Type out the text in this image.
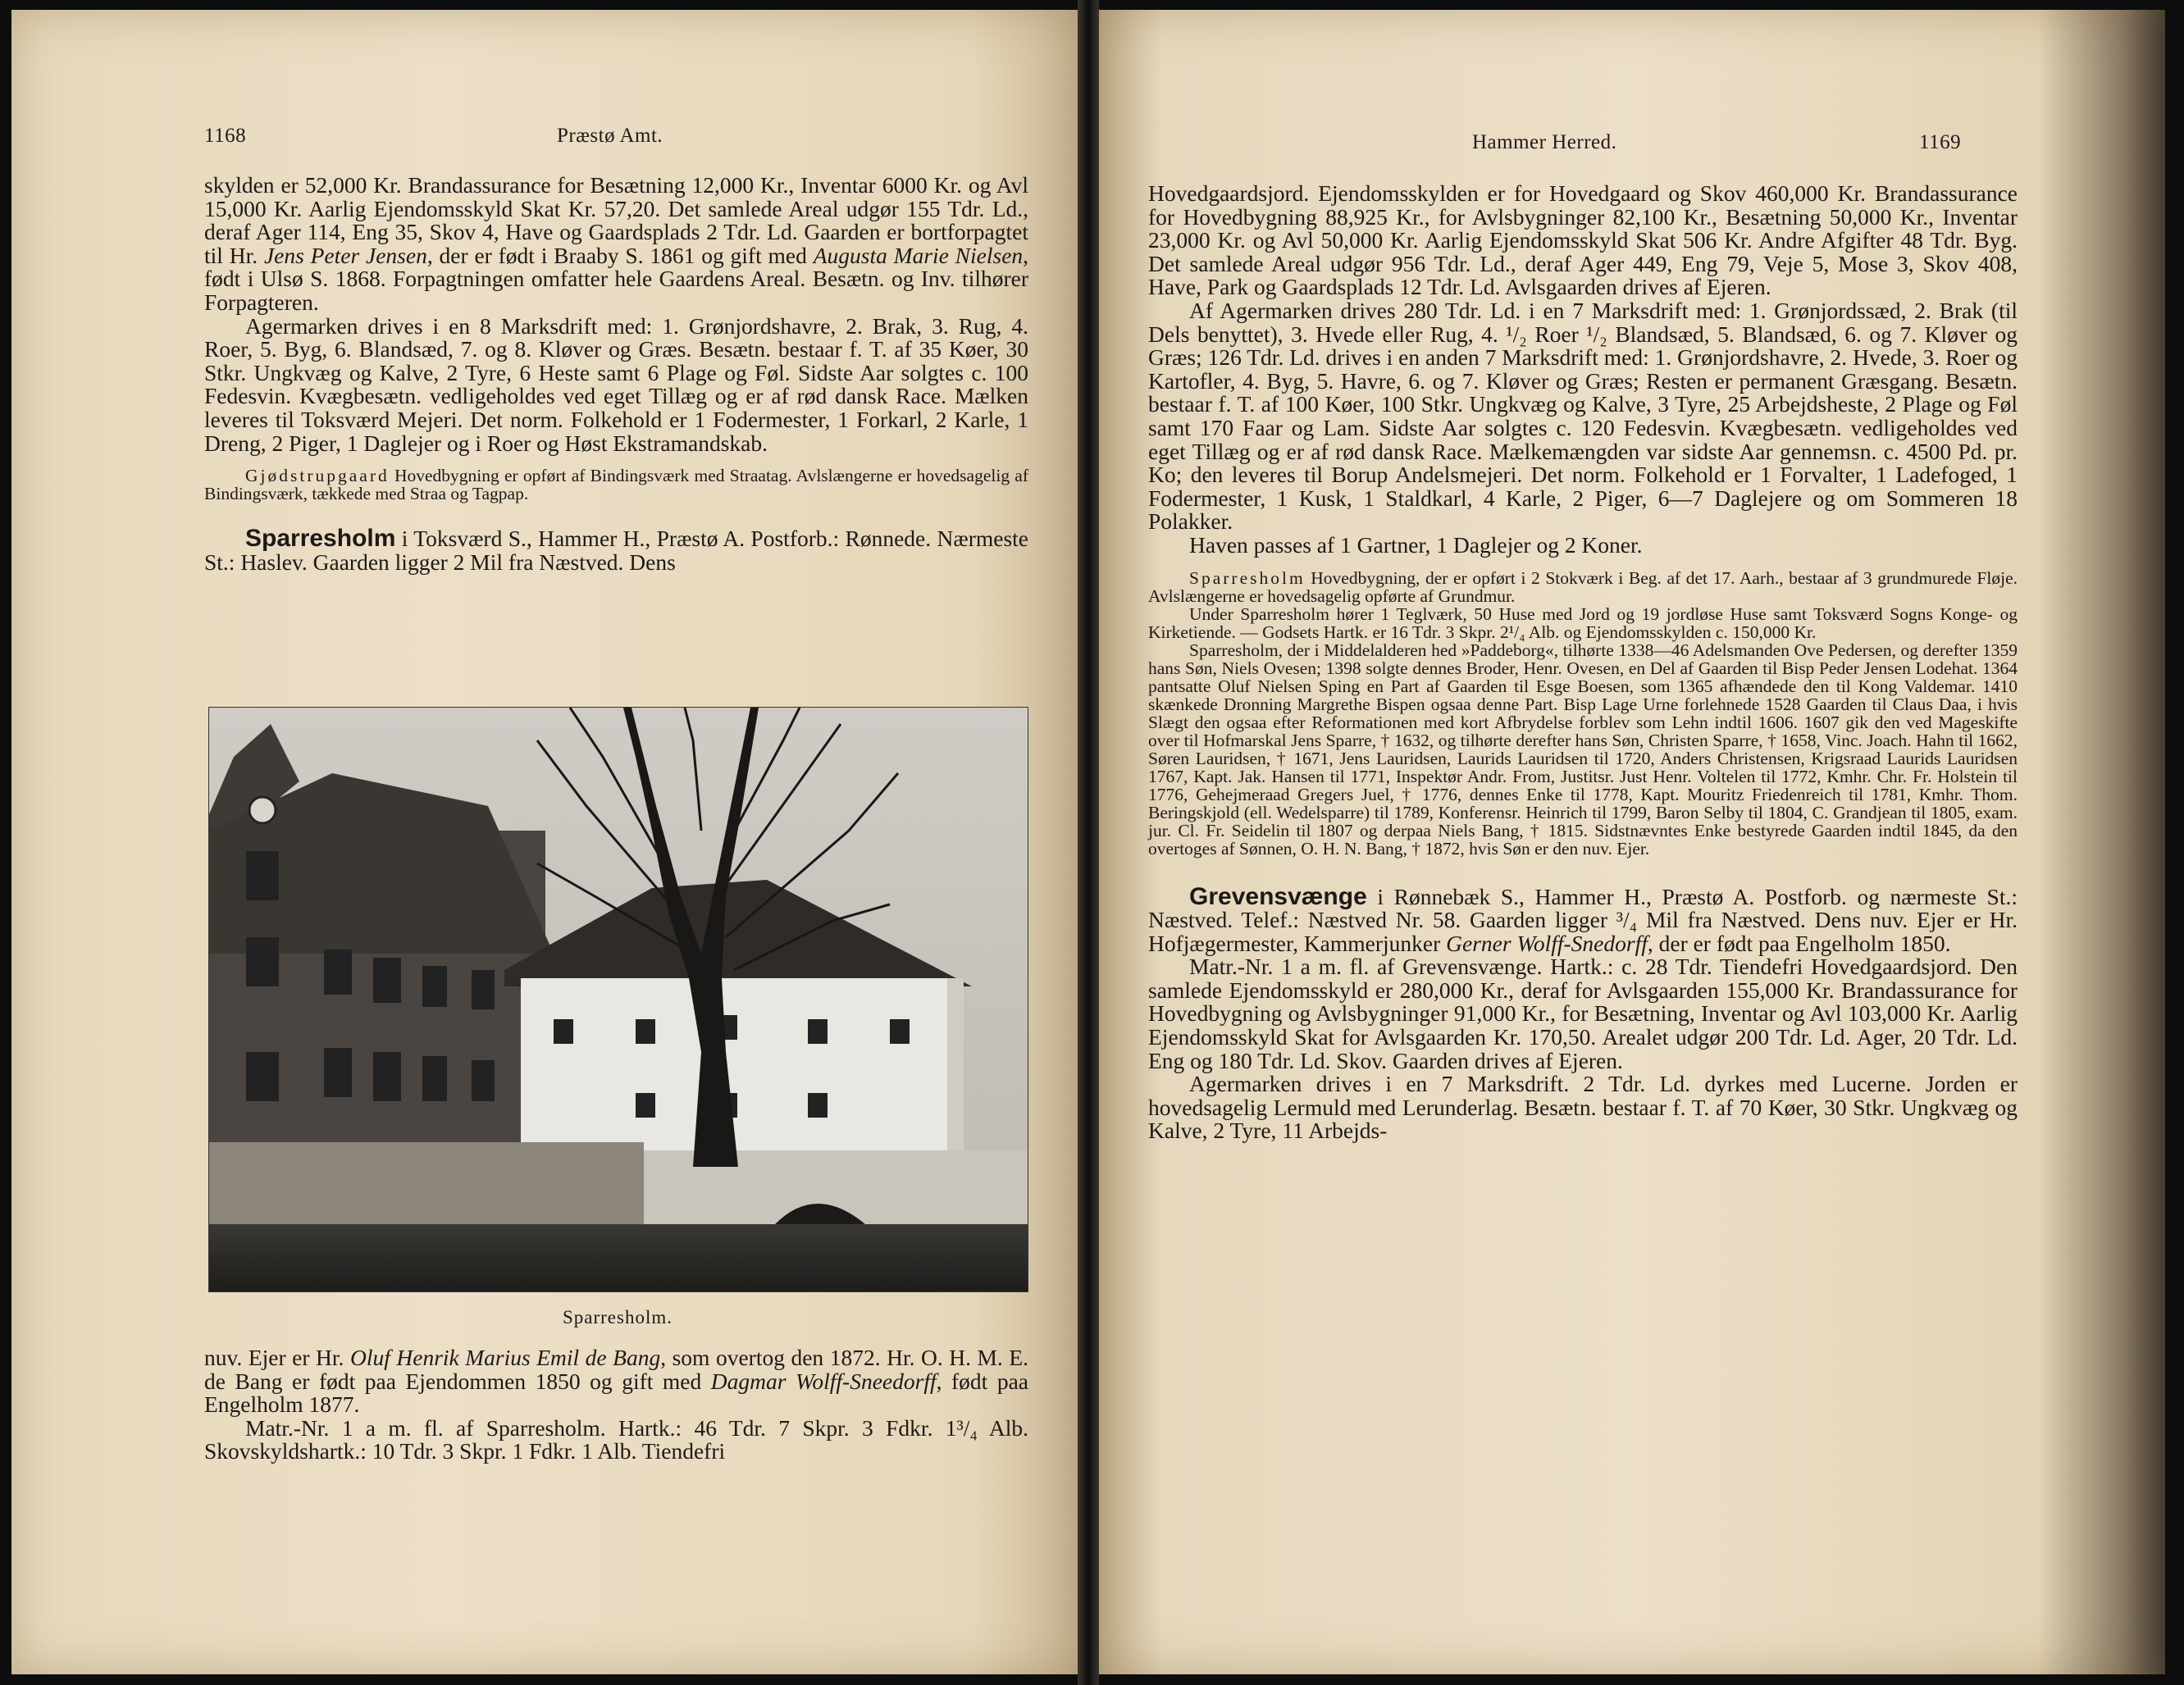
1168	Præstø Amt.

skylden er 52,000 Kr. Brandassurance for Besætning 12,000 Kr., Inventar 6000 Kr. og Avl 15,000 Kr. Aarlig Ejendomsskyld Skat Kr. 57,20. Det samlede Areal udgør 155 Tdr. Ld., deraf Ager 114, Eng 35, Skov 4, Have og Gaardsplads 2 Tdr. Ld. Gaarden er bortforpagtet til Hr. Jens Peter Jensen, der er født i Braaby S. 1861 og gift med Augusta Marie Nielsen, født i Ulsø S. 1868. Forpagtningen omfatter hele Gaardens Areal. Besætn. og Inv. tilhører Forpagteren.

Agermarken drives i en 8 Marksdrift med: 1. Grønjordshavre, 2. Brak, 3. Rug, 4. Roer, 5. Byg, 6. Blandsæd, 7. og 8. Kløver og Græs. Besætn. bestaar f. T. af 35 Køer, 30 Stkr. Ungkvæg og Kalve, 2 Tyre, 6 Heste samt 6 Plage og Føl. Sidste Aar solgtes c. 100 Fedesvin. Kvægbesætn. vedligeholdes ved eget Tillæg og er af rød dansk Race. Mælken leveres til Toksværd Mejeri. Det norm. Folkehold er 1 Fodermester, 1 Forkarl, 2 Karle, 1 Dreng, 2 Piger, 1 Daglejer og i Roer og Høst Ekstramandskab.

Gjødstrupgaard Hovedbygning er opført af Bindingsværk med Straatag. Avlslængerne er hovedsagelig af Bindingsværk, tækkede med Straa og Tagpap.

Sparresholm i Toksværd S., Hammer H., Præstø A. Postforb.: Rønnede. Nærmeste St.: Haslev. Gaarden ligger 2 Mil fra Næstved. Dens

Sparresholm.

nuv. Ejer er Hr. Oluf Henrik Marius Emil de Bang, som overtog den 1872. Hr. O. H. M. E. de Bang er født paa Ejendommen 1850 og gift med Dagmar Wolff-Sneedorff, født paa Engelholm 1877.

Matr.-Nr. 1 a m. fl. af Sparresholm. Hartk.: 46 Tdr. 7 Skpr. 3 Fdkr. 1³/₄ Alb. Skovskyldshartk.: 10 Tdr. 3 Skpr. 1 Fdkr. 1 Alb. Tiendefri

Hammer Herred.	1169

Hovedgaardsjord. Ejendomsskylden er for Hovedgaard og Skov 460,000 Kr. Brandassurance for Hovedbygning 88,925 Kr., for Avlsbygninger 82,100 Kr., Besætning 50,000 Kr., Inventar 23,000 Kr. og Avl 50,000 Kr. Aarlig Ejendomsskyld Skat 506 Kr. Andre Afgifter 48 Tdr. Byg. Det samlede Areal udgør 956 Tdr. Ld., deraf Ager 449, Eng 79, Veje 5, Mose 3, Skov 408, Have, Park og Gaardsplads 12 Tdr. Ld. Avlsgaarden drives af Ejeren.

Af Agermarken drives 280 Tdr. Ld. i en 7 Marksdrift med: 1. Grønjordssæd, 2. Brak (til Dels benyttet), 3. Hvede eller Rug, 4. ¹/₂ Roer ¹/₂ Blandsæd, 5. Blandsæd, 6. og 7. Kløver og Græs; 126 Tdr. Ld. drives i en anden 7 Marksdrift med: 1. Grønjordshavre, 2. Hvede, 3. Roer og Kartofler, 4. Byg, 5. Havre, 6. og 7. Kløver og Græs; Resten er permanent Græsgang. Besætn. bestaar f. T. af 100 Køer, 100 Stkr. Ungkvæg og Kalve, 3 Tyre, 25 Arbejdsheste, 2 Plage og Føl samt 170 Faar og Lam. Sidste Aar solgtes c. 120 Fedesvin. Kvægbesætn. vedligeholdes ved eget Tillæg og er af rød dansk Race. Mælkemængden var sidste Aar gennemsn. c. 4500 Pd. pr. Ko; den leveres til Borup Andelsmejeri. Det norm. Folkehold er 1 Forvalter, 1 Ladefoged, 1 Fodermester, 1 Kusk, 1 Staldkarl, 4 Karle, 2 Piger, 6—7 Daglejere og om Sommeren 18 Polakker.

Haven passes af 1 Gartner, 1 Daglejer og 2 Koner.

Sparresholm Hovedbygning, der er opført i 2 Stokværk i Beg. af det 17. Aarh., bestaar af 3 grundmurede Fløje. Avlslængerne er hovedsagelig opførte af Grundmur.

Under Sparresholm hører 1 Teglværk, 50 Huse med Jord og 19 jordløse Huse samt Toksværd Sogns Konge- og Kirketiende. — Godsets Hartk. er 16 Tdr. 3 Skpr. 2¹/₄ Alb. og Ejendomsskylden c. 150,000 Kr.

Sparresholm, der i Middelalderen hed »Paddeborg«, tilhørte 1338—46 Adelsmanden Ove Pedersen, og derefter 1359 hans Søn, Niels Ovesen; 1398 solgte dennes Broder, Henr. Ovesen, en Del af Gaarden til Bisp Peder Jensen Lodehat. 1364 pantsatte Oluf Nielsen Sping en Part af Gaarden til Esge Boesen, som 1365 afhændede den til Kong Valdemar. 1410 skænkede Dronning Margrethe Bispen ogsaa denne Part. Bisp Lage Urne forlehnede 1528 Gaarden til Claus Daa, i hvis Slægt den ogsaa efter Reformationen med kort Afbrydelse forblev som Lehn indtil 1606. 1607 gik den ved Mageskifte over til Hofmarskal Jens Sparre, † 1632, og tilhørte derefter hans Søn, Christen Sparre, † 1658, Vinc. Joach. Hahn til 1662, Søren Lauridsen, † 1671, Jens Lauridsen, Laurids Lauridsen til 1720, Anders Christensen, Krigsraad Laurids Lauridsen 1767, Kapt. Jak. Hansen til 1771, Inspektør Andr. From, Justitsr. Just Henr. Voltelen til 1772, Kmhr. Chr. Fr. Holstein til 1776, Gehejmeraad Gregers Juel, † 1776, dennes Enke til 1778, Kapt. Mouritz Friedenreich til 1781, Kmhr. Thom. Beringskjold (ell. Wedelsparre) til 1789, Konferensr. Heinrich til 1799, Baron Selby til 1804, C. Grandjean til 1805, exam. jur. Cl. Fr. Seidelin til 1807 og derpaa Niels Bang, † 1815. Sidstnævntes Enke bestyrede Gaarden indtil 1845, da den overtoges af Sønnen, O. H. N. Bang, † 1872, hvis Søn er den nuv. Ejer.

Grevensvænge i Rønnebæk S., Hammer H., Præstø A. Postforb. og nærmeste St.: Næstved. Telef.: Næstved Nr. 58. Gaarden ligger ³/₄ Mil fra Næstved. Dens nuv. Ejer er Hr. Hofjægermester, Kammerjunker Gerner Wolff-Snedorff, der er født paa Engelholm 1850.

Matr.-Nr. 1 a m. fl. af Grevensvænge. Hartk.: c. 28 Tdr. Tiendefri Hovedgaardsjord. Den samlede Ejendomsskyld er 280,000 Kr., deraf for Avlsgaarden 155,000 Kr. Brandassurance for Hovedbygning og Avlsbygninger 91,000 Kr., for Besætning, Inventar og Avl 103,000 Kr. Aarlig Ejendomsskyld Skat for Avlsgaarden Kr. 170,50. Arealet udgør 200 Tdr. Ld. Ager, 20 Tdr. Ld. Eng og 180 Tdr. Ld. Skov. Gaarden drives af Ejeren.

Agermarken drives i en 7 Marksdrift. 2 Tdr. Ld. dyrkes med Lucerne. Jorden er hovedsagelig Lermuld med Lerunderlag. Besætn. bestaar f. T. af 70 Køer, 30 Stkr. Ungkvæg og Kalve, 2 Tyre, 11 Arbejds-
